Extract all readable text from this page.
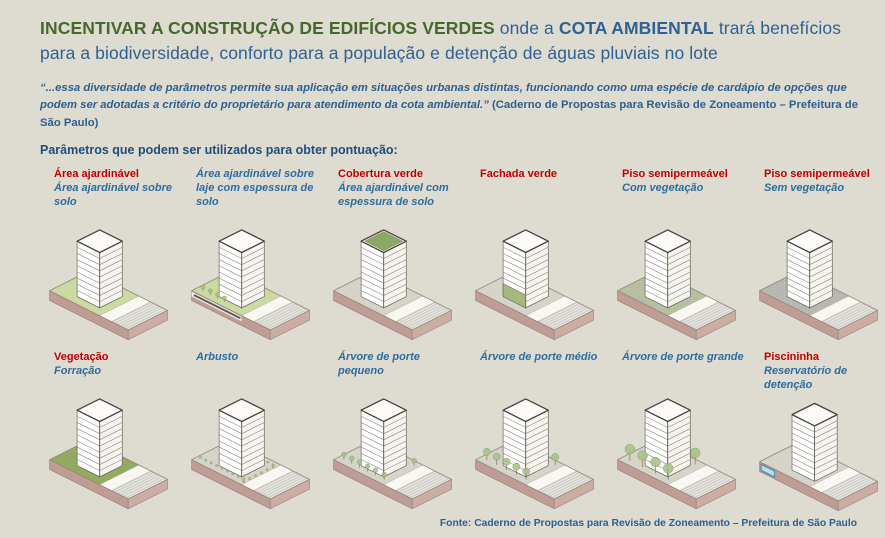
INCENTIVAR A CONSTRUÇÃO DE EDIFÍCIOS VERDES onde a COTA AMBIENTAL trará benefícios para a biodiversidade, conforto para a população e detenção de águas pluviais no lote
“...essa diversidade de parâmetros permite sua aplicação em situações urbanas distintas, funcionando como uma espécie de cardápio de opções que podem ser adotadas a critério do proprietário para atendimento da cota ambiental.” (Caderno de Propostas para Revisão de Zoneamento – Prefeitura de São Paulo)
Parâmetros que podem ser utilizados para obter pontuação:
Área ajardinável
Área ajardinável sobre solo
Área ajardinável sobre laje com espessura de solo
Cobertura verde
Área ajardinável com espessura de solo
Fachada verde	Piso semipermeável
Com vegetação
Piso semipermeável
Sem vegetação
Vegetação
Forração
Arbusto	Árvore de porte pequeno
Árvore de porte médio	Árvore de porte grande	Piscininha
Reservatório de detenção
Fonte: Caderno de Propostas para Revisão de Zoneamento – Prefeitura de São Paulo
